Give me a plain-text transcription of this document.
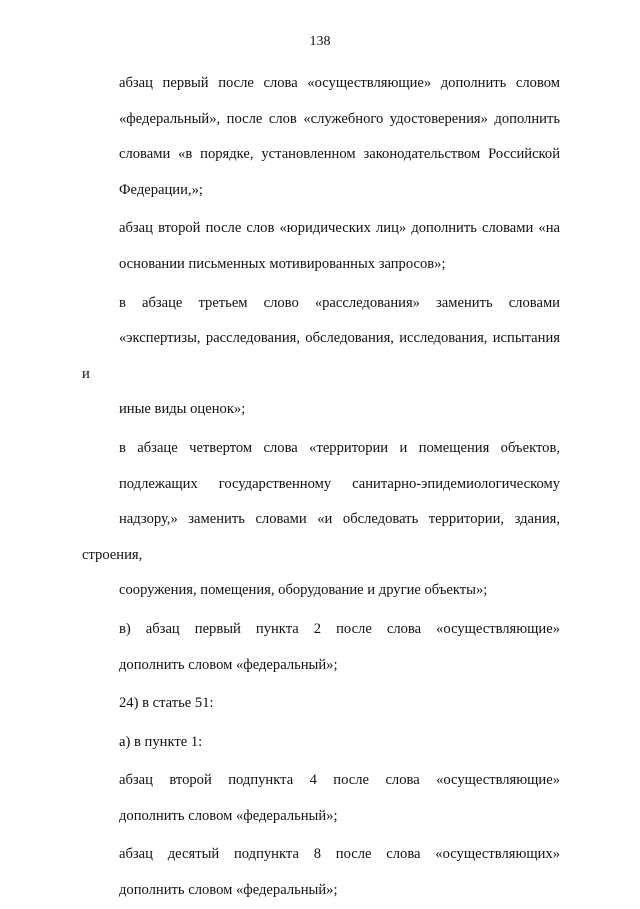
138
абзац первый после слова «осуществляющие» дополнить словом
«федеральный», после слов «служебного удостоверения» дополнить
словами «в порядке, установленном законодательством Российской
Федерации,»;
абзац второй после слов «юридических лиц» дополнить словами «на
основании письменных мотивированных запросов»;
в абзаце третьем слово «расследования» заменить словами
«экспертизы, расследования, обследования, исследования, испытания и
иные виды оценок»;
в абзаце четвертом слова «территории и помещения объектов,
подлежащих государственному санитарно-эпидемиологическому
надзору,» заменить словами «и обследовать территории, здания, строения,
сооружения, помещения, оборудование и другие объекты»;
в) абзац первый пункта 2 после слова «осуществляющие»
дополнить словом «федеральный»;
24) в статье 51:
а) в пункте 1:
абзац второй подпункта 4 после слова «осуществляющие»
дополнить словом «федеральный»;
абзац десятый подпункта 8 после слова «осуществляющих»
дополнить словом «федеральный»;
